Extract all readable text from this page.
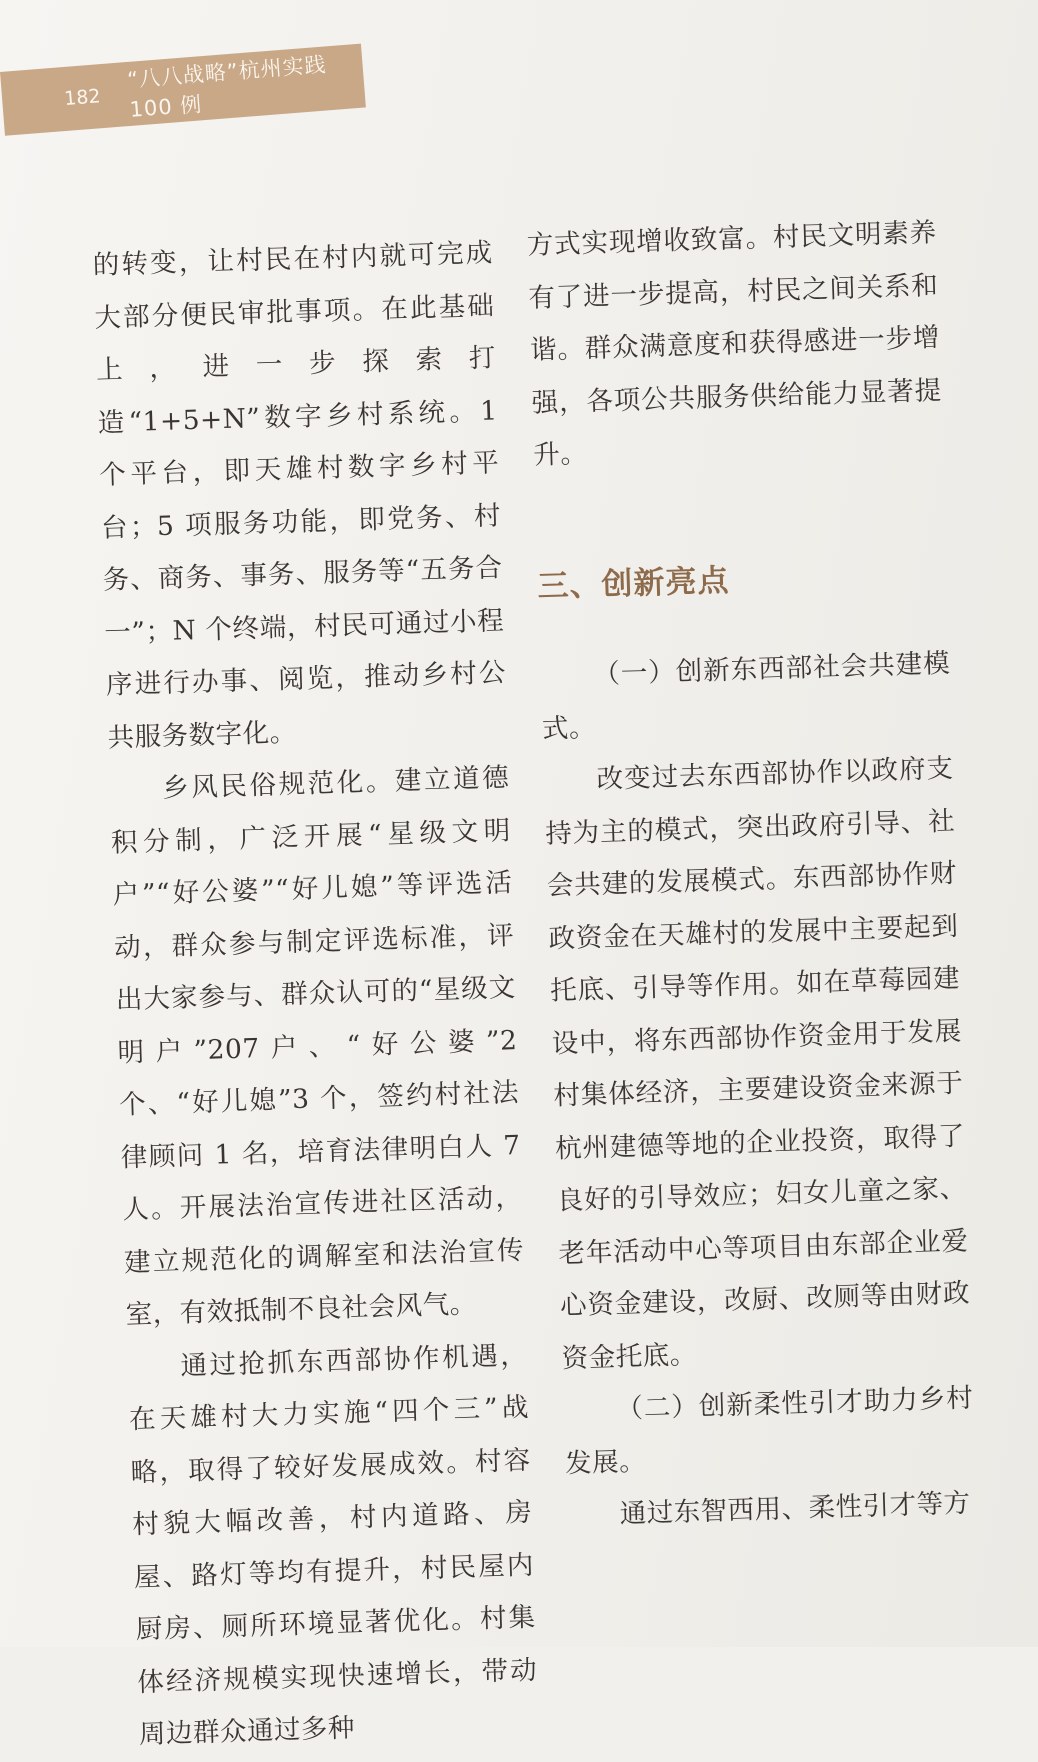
182
“八八战略”杭州实践 100 例

的转变，让村民在村内就可完成大部分便民审批事项。在此基础上，进一步探索打造“1+5+N”数字乡村系统。1 个平台，即天雄村数字乡村平台；5 项服务功能，即党务、村务、商务、事务、服务等“五务合一”；N 个终端，村民可通过小程序进行办事、阅览，推动乡村公共服务数字化。

乡风民俗规范化。建立道德积分制，广泛开展“星级文明户”“好公婆”“好儿媳”等评选活动，群众参与制定评选标准，评出大家参与、群众认可的“星级文明户”207户、“好公婆”2 个、“好儿媳”3 个，签约村社法律顾问 1 名，培育法律明白人 7 人。开展法治宣传进社区活动，建立规范化的调解室和法治宣传室，有效抵制不良社会风气。

通过抢抓东西部协作机遇，在天雄村大力实施“四个三”战略，取得了较好发展成效。村容村貌大幅改善，村内道路、房屋、路灯等均有提升，村民屋内厨房、厕所环境显著优化。村集体经济规模实现快速增长，带动周边群众通过多种

方式实现增收致富。村民文明素养有了进一步提高，村民之间关系和谐。群众满意度和获得感进一步增强，各项公共服务供给能力显著提升。

三、创新亮点

（一）创新东西部社会共建模式。

改变过去东西部协作以政府支持为主的模式，突出政府引导、社会共建的发展模式。东西部协作财政资金在天雄村的发展中主要起到托底、引导等作用。如在草莓园建设中，将东西部协作资金用于发展村集体经济，主要建设资金来源于杭州建德等地的企业投资，取得了良好的引导效应；妇女儿童之家、老年活动中心等项目由东部企业爱心资金建设，改厨、改厕等由财政资金托底。

（二）创新柔性引才助力乡村发展。

通过东智西用、柔性引才等方
